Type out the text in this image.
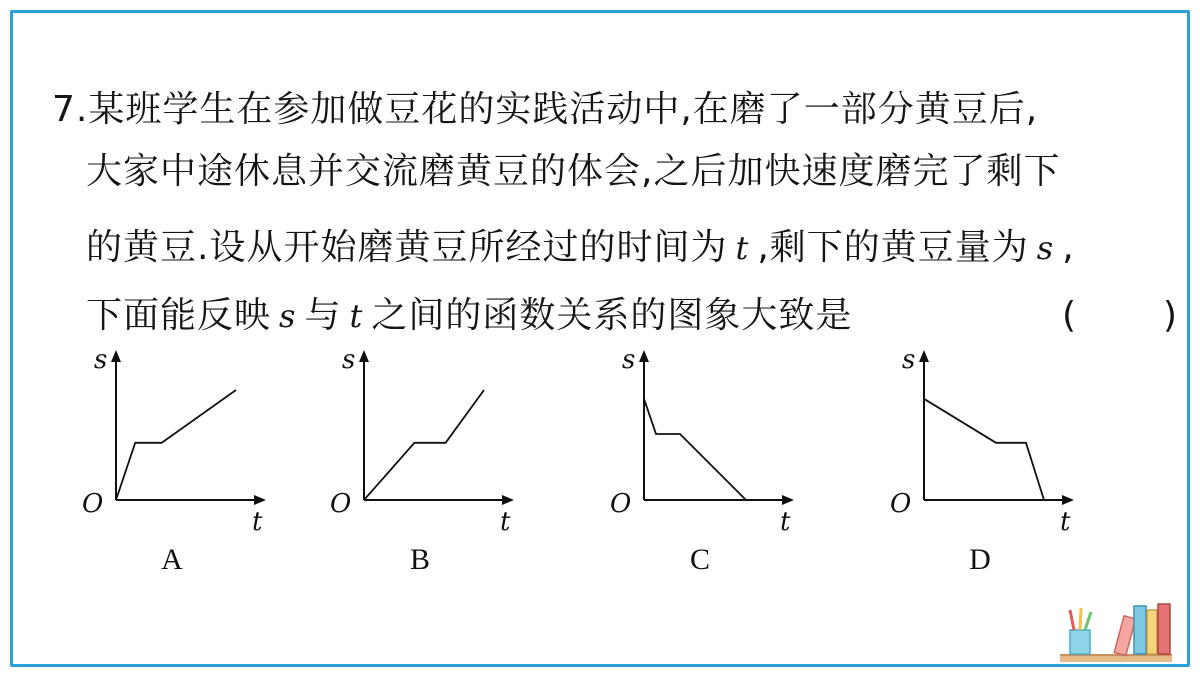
7.某班学生在参加做豆花的实践活动中,在磨了一部分黄豆后,
大家中途休息并交流磨黄豆的体会,之后加快速度磨完了剩下
的黄豆.设从开始磨黄豆所经过的时间为 t ,剩下的黄豆量为 s ,
下面能反映 s 与 t 之间的函数关系的图象大致是	( )
s
t
O
s
t
O
s
t
O
s
t
O
A	B	C	D
